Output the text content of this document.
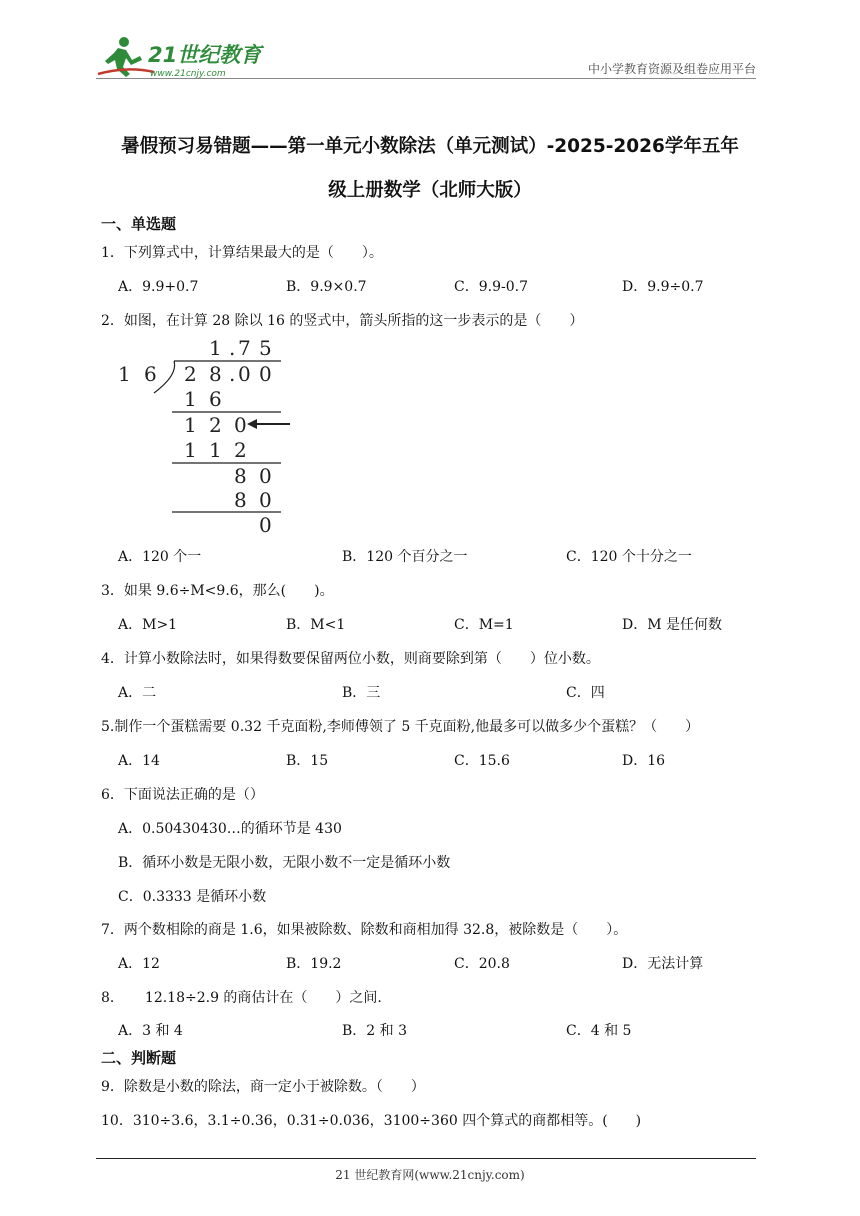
21世纪教育
www.21cnjy.com	中小学教育资源及组卷应用平台
暑假预习易错题——第一单元小数除法（单元测试）-2025-2026学年五年
级上册数学（北师大版）
一、单选题
1．下列算式中，计算结果最大的是（　　）。
A．9.9+0.7	B．9.9×0.7	C．9.9-0.7	D．9.9÷0.7
2．如图，在计算 28 除以 16 的竖式中，箭头所指的这一步表示的是（　　）
1 . 7 5
1 6 2 8 . 0 0
1 6
1 2 0
1 1 2
8 0
8 0
0
A．120 个一	B．120 个百分之一	C．120 个十分之一
3．如果 9.6÷M<9.6，那么(　　)。
A．M>1	B．M<1	C．M=1	D．M 是任何数
4．计算小数除法时，如果得数要保留两位小数，则商要除到第（　　）位小数。
A．二	B．三	C．四
5.制作一个蛋糕需要 0.32 千克面粉,李师傅领了 5 千克面粉,他最多可以做多少个蛋糕？（　　）
A．14	B．15	C．15.6	D．16
6．下面说法正确的是（）
A．0.50430430…的循环节是 430
B．循环小数是无限小数，无限小数不一定是循环小数
C．0.3333 是循环小数
7．两个数相除的商是 1.6，如果被除数、除数和商相加得 32.8，被除数是（　　）。
A．12	B．19.2	C．20.8	D．无法计算
8．　　12.18÷2.9 的商估计在（　　）之间.
A．3 和 4	B．2 和 3	C．4 和 5
二、判断题
9．除数是小数的除法，商一定小于被除数。（　　）
10．310÷3.6，3.1÷0.36，0.31÷0.036，3100÷360 四个算式的商都相等。(　　)
21 世纪教育网(www.21cnjy.com)
